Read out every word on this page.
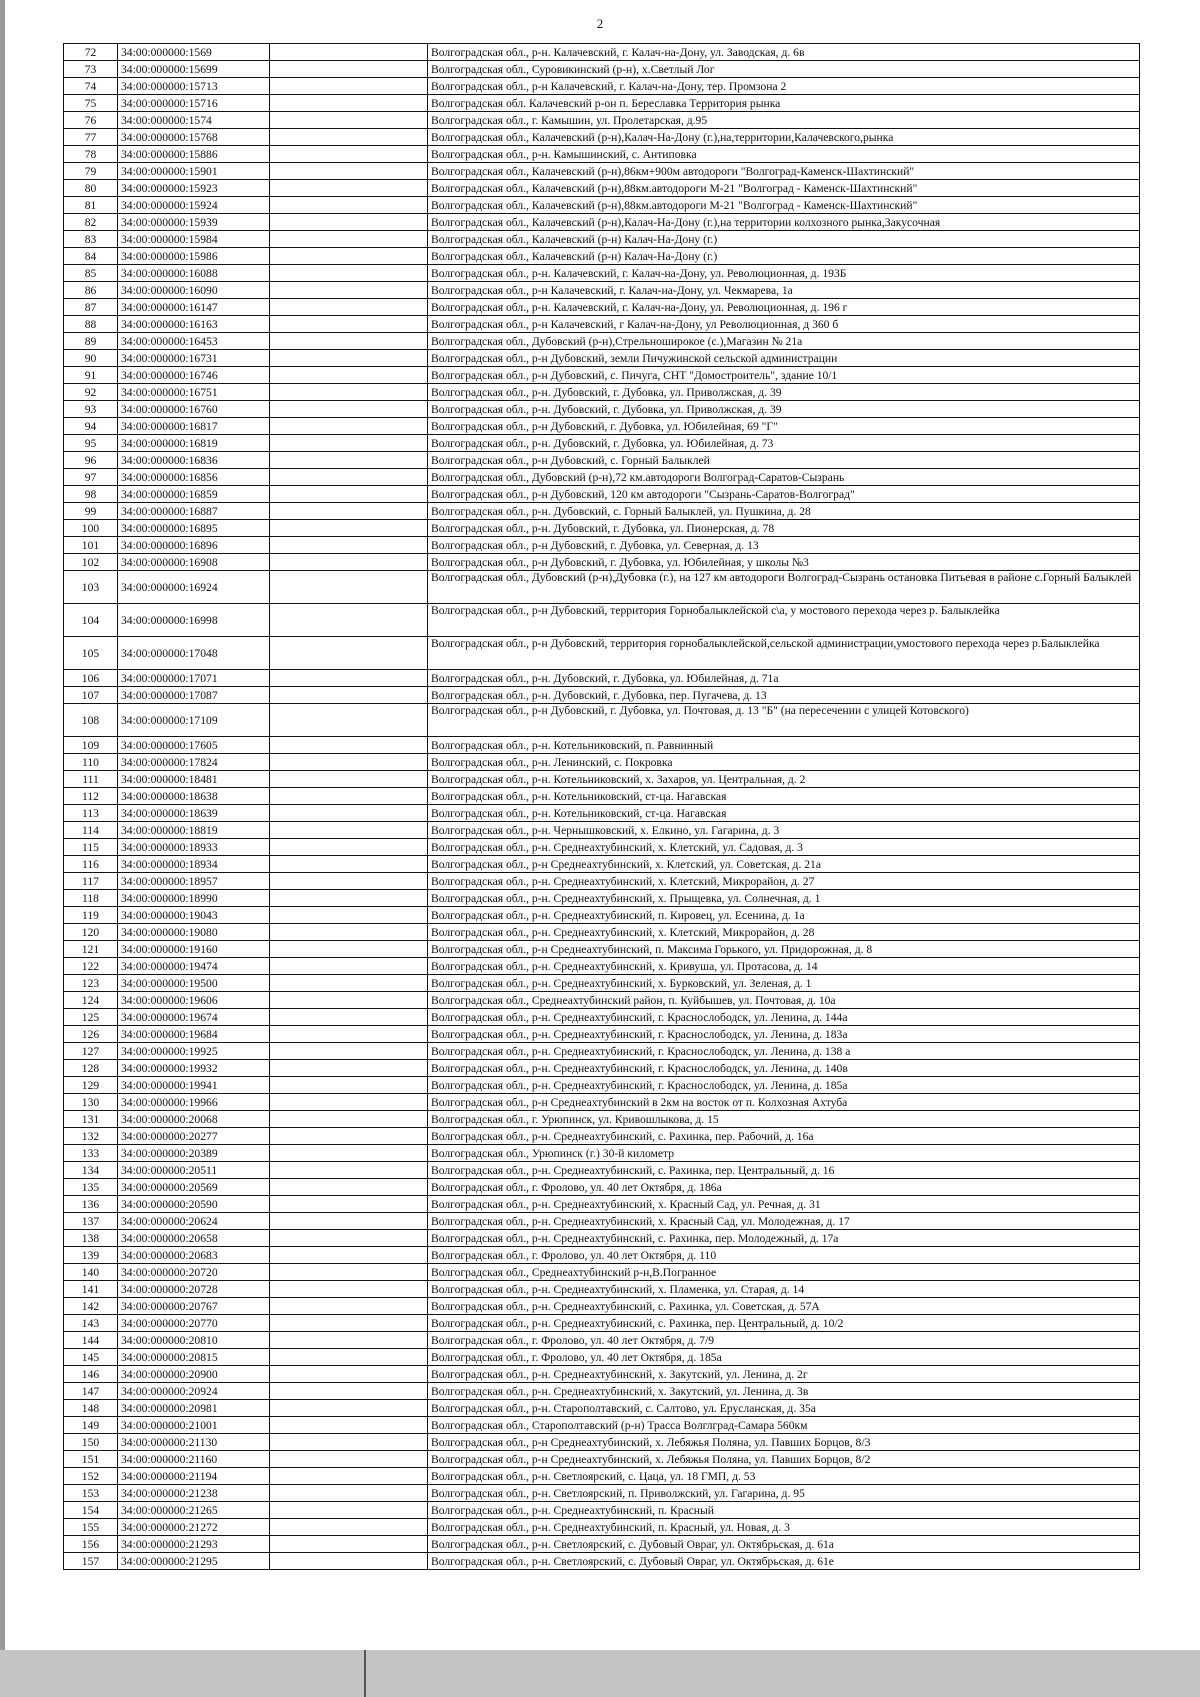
2
72	34:00:000000:1569		Волгоградская обл., р-н. Калачевский, г. Калач-на-Дону, ул. Заводская, д. 6в
73	34:00:000000:15699		Волгоградская обл., Суровикинский (р-н), х.Светлый Лог
74	34:00:000000:15713		Волгоградская обл., р-н Калачевский, г. Калач-на-Дону, тер. Промзона 2
75	34:00:000000:15716		Волгоградская обл. Калачевский р-он п. Береславка Территория рынка
76	34:00:000000:1574		Волгоградская обл., г. Камышин, ул. Пролетарская, д.95
77	34:00:000000:15768		Волгоградская обл., Калачевский (р-н),Калач-На-Дону (г.),на,территории,Калачевского,рынка
78	34:00:000000:15886		Волгоградская обл., р-н. Камышинский, с. Антиповка
79	34:00:000000:15901		Волгоградская обл., Калачевский (р-н),86км+900м автодороги "Волгоград-Каменск-Шахтинский"
80	34:00:000000:15923		Волгоградская обл., Калачевский (р-н),88км.автодороги М-21 "Волгоград - Каменск-Шахтинский"
81	34:00:000000:15924		Волгоградская обл., Калачевский (р-н),88км.автодороги М-21 "Волгоград - Каменск-Шахтинский"
82	34:00:000000:15939		Волгоградская обл., Калачевский (р-н),Калач-На-Дону (г.),на территории колхозного рынка,Закусочная
83	34:00:000000:15984		Волгоградская обл., Калачевский (р-н) Калач-На-Дону (г.)
84	34:00:000000:15986		Волгоградская обл., Калачевский (р-н) Калач-На-Дону (г.)
85	34:00:000000:16088		Волгоградская обл., р-н. Калачевский, г. Калач-на-Дону, ул. Революционная, д. 193Б
86	34:00:000000:16090		Волгоградская обл., р-н Калачевский, г. Калач-на-Дону, ул. Чекмарева, 1а
87	34:00:000000:16147		Волгоградская обл., р-н. Калачевский, г. Калач-на-Дону, ул. Революционная, д. 196 г
88	34:00:000000:16163		Волгоградская обл., р-н Калачевский, г Калач-на-Дону, ул Революционная, д 360 б
89	34:00:000000:16453		Волгоградская обл., Дубовский (р-н),Стрельноширокое (с.),Магазин № 21а
90	34:00:000000:16731		Волгоградская обл., р-н Дубовский, земли Пичужинской сельской администрации
91	34:00:000000:16746		Волгоградская обл., р-н Дубовский, с. Пичуга, СНТ "Домостроитель", здание 10/1
92	34:00:000000:16751		Волгоградская обл., р-н. Дубовский, г. Дубовка, ул. Приволжская, д. 39
93	34:00:000000:16760		Волгоградская обл., р-н. Дубовский, г. Дубовка, ул. Приволжская, д. 39
94	34:00:000000:16817		Волгоградская обл., р-н Дубовский, г. Дубовка, ул. Юбилейная, 69 "Г"
95	34:00:000000:16819		Волгоградская обл., р-н. Дубовский, г. Дубовка, ул. Юбилейная, д. 73
96	34:00:000000:16836		Волгоградская обл., р-н Дубовский, с. Горный Балыклей
97	34:00:000000:16856		Волгоградская обл., Дубовский (р-н),72 км.автодороги Волгоград-Саратов-Сызрань
98	34:00:000000:16859		Волгоградская обл., р-н Дубовский, 120 км автодороги "Сызрань-Саратов-Волгоград"
99	34:00:000000:16887		Волгоградская обл., р-н. Дубовский, с. Горный Балыклей, ул. Пушкина, д. 28
100	34:00:000000:16895		Волгоградская обл., р-н. Дубовский, г. Дубовка, ул. Пионерская, д. 78
101	34:00:000000:16896		Волгоградская обл., р-н Дубовский, г. Дубовка, ул. Северная, д. 13
102	34:00:000000:16908		Волгоградская обл., р-н Дубовский, г. Дубовка, ул. Юбилейная, у школы №3
103	34:00:000000:16924		Волгоградская обл., Дубовский (р-н),Дубовка (г.), на 127 км автодороги Волгоград-Сызрань остановка Питьевая в районе с.Горный Балыклей
104	34:00:000000:16998		Волгоградская обл., р-н Дубовский, территория Горнобалыклейской с\а, у мостового перехода через р. Балыклейка
105	34:00:000000:17048		Волгоградская обл., р-н Дубовский, территория горнобалыклейской,сельской администрации,умостового перехода через р.Балыклейка
106	34:00:000000:17071		Волгоградская обл., р-н. Дубовский, г. Дубовка, ул. Юбилейная, д. 71а
107	34:00:000000:17087		Волгоградская обл., р-н. Дубовский, г. Дубовка, пер. Пугачева, д. 13
108	34:00:000000:17109		Волгоградская обл., р-н Дубовский, г. Дубовка, ул. Почтовая, д. 13 "Б" (на пересечении с улицей Котовского)
109	34:00:000000:17605		Волгоградская обл., р-н. Котельниковский, п. Равнинный
110	34:00:000000:17824		Волгоградская обл., р-н. Ленинский, с. Покровка
111	34:00:000000:18481		Волгоградская обл., р-н. Котельниковский, х. Захаров, ул. Центральная, д. 2
112	34:00:000000:18638		Волгоградская обл., р-н. Котельниковский, ст-ца. Нагавская
113	34:00:000000:18639		Волгоградская обл., р-н. Котельниковский, ст-ца. Нагавская
114	34:00:000000:18819		Волгоградская обл., р-н. Чернышковский, х. Елкино, ул. Гагарина, д. 3
115	34:00:000000:18933		Волгоградская обл., р-н. Среднеахтубинский, х. Клетский, ул. Садовая, д. 3
116	34:00:000000:18934		Волгоградская обл., р-н Среднеахтубинский, х. Клетский, ул. Советская, д. 21а
117	34:00:000000:18957		Волгоградская обл., р-н. Среднеахтубинский, х. Клетский, Микрорайон, д. 27
118	34:00:000000:18990		Волгоградская обл., р-н. Среднеахтубинский, х. Прыщевка, ул. Солнечная, д. 1
119	34:00:000000:19043		Волгоградская обл., р-н. Среднеахтубинский, п. Кировец, ул. Есенина, д. 1а
120	34:00:000000:19080		Волгоградская обл., р-н. Среднеахтубинский, х. Клетский, Микрорайон, д. 28
121	34:00:000000:19160		Волгоградская обл., р-н Среднеахтубинский, п. Максима Горького, ул. Придорожная, д. 8
122	34:00:000000:19474		Волгоградская обл., р-н. Среднеахтубинский, х. Кривуша, ул. Протасова, д. 14
123	34:00:000000:19500		Волгоградская обл., р-н. Среднеахтубинский, х. Бурковский, ул. Зеленая, д. 1
124	34:00:000000:19606		Волгоградская обл., Среднеахтубинский район, п. Куйбышев, ул. Почтовая, д. 10а
125	34:00:000000:19674		Волгоградская обл., р-н. Среднеахтубинский, г. Краснослободск, ул. Ленина, д. 144а
126	34:00:000000:19684		Волгоградская обл., р-н. Среднеахтубинский, г. Краснослободск, ул. Ленина, д. 183а
127	34:00:000000:19925		Волгоградская обл., р-н. Среднеахтубинский, г. Краснослободск, ул. Ленина, д. 138 а
128	34:00:000000:19932		Волгоградская обл., р-н. Среднеахтубинский, г. Краснослободск, ул. Ленина, д. 140в
129	34:00:000000:19941		Волгоградская обл., р-н. Среднеахтубинский, г. Краснослободск, ул. Ленина, д. 185а
130	34:00:000000:19966		Волгоградская обл., р-н Среднеахтубинский в 2км на восток от п. Колхозная Ахтуба
131	34:00:000000:20068		Волгоградская обл., г. Урюпинск, ул. Кривошлыкова, д. 15
132	34:00:000000:20277		Волгоградская обл., р-н. Среднеахтубинский, с. Рахинка, пер. Рабочий, д. 16а
133	34:00:000000:20389		Волгоградская обл., Урюпинск (г.) 30-й километр
134	34:00:000000:20511		Волгоградская обл., р-н. Среднеахтубинский, с. Рахинка, пер. Центральный, д. 16
135	34:00:000000:20569		Волгоградская обл., г. Фролово, ул. 40 лет Октября, д. 186а
136	34:00:000000:20590		Волгоградская обл., р-н. Среднеахтубинский, х. Красный Сад, ул. Речная, д. 31
137	34:00:000000:20624		Волгоградская обл., р-н. Среднеахтубинский, х. Красный Сад, ул. Молодежная, д. 17
138	34:00:000000:20658		Волгоградская обл., р-н. Среднеахтубинский, с. Рахинка, пер. Молодежный, д. 17а
139	34:00:000000:20683		Волгоградская обл., г. Фролово, ул. 40 лет Октября, д. 110
140	34:00:000000:20720		Волгоградская обл., Среднеахтубинский р-н,В.Погранное
141	34:00:000000:20728		Волгоградская обл., р-н. Среднеахтубинский, х. Пламенка, ул. Старая, д. 14
142	34:00:000000:20767		Волгоградская обл., р-н. Среднеахтубинский, с. Рахинка, ул. Советская, д. 57А
143	34:00:000000:20770		Волгоградская обл., р-н. Среднеахтубинский, с. Рахинка, пер. Центральный, д. 10/2
144	34:00:000000:20810		Волгоградская обл., г. Фролово, ул. 40 лет Октября, д. 7/9
145	34:00:000000:20815		Волгоградская обл., г. Фролово, ул. 40 лет Октября, д. 185а
146	34:00:000000:20900		Волгоградская обл., р-н. Среднеахтубинский, х. Закутский, ул. Ленина, д. 2г
147	34:00:000000:20924		Волгоградская обл., р-н. Среднеахтубинский, х. Закутский, ул. Ленина, д. 3в
148	34:00:000000:20981		Волгоградская обл., р-н. Старополтавский, с. Салтово, ул. Ерусланская, д. 35а
149	34:00:000000:21001		Волгоградская обл., Старополтавский (р-н) Трасса Волглград-Самара 560км
150	34:00:000000:21130		Волгоградская обл., р-н Среднеахтубинский, х. Лебяжья Поляна, ул. Павших Борцов, 8/3
151	34:00:000000:21160		Волгоградская обл., р-н Среднеахтубинский, х. Лебяжья Поляна, ул. Павших Борцов, 8/2
152	34:00:000000:21194		Волгоградская обл., р-н. Светлоярский, с. Цаца, ул. 18 ГМП, д. 53
153	34:00:000000:21238		Волгоградская обл., р-н. Светлоярский, п. Приволжский, ул. Гагарина, д. 95
154	34:00:000000:21265		Волгоградская обл., р-н. Среднеахтубинский, п. Красный
155	34:00:000000:21272		Волгоградская обл., р-н. Среднеахтубинский, п. Красный, ул. Новая, д. 3
156	34:00:000000:21293		Волгоградская обл., р-н. Светлоярский, с. Дубовый Овраг, ул. Октябрьская, д. 61а
157	34:00:000000:21295		Волгоградская обл., р-н. Светлоярский, с. Дубовый Овраг, ул. Октябрьская, д. 61е
